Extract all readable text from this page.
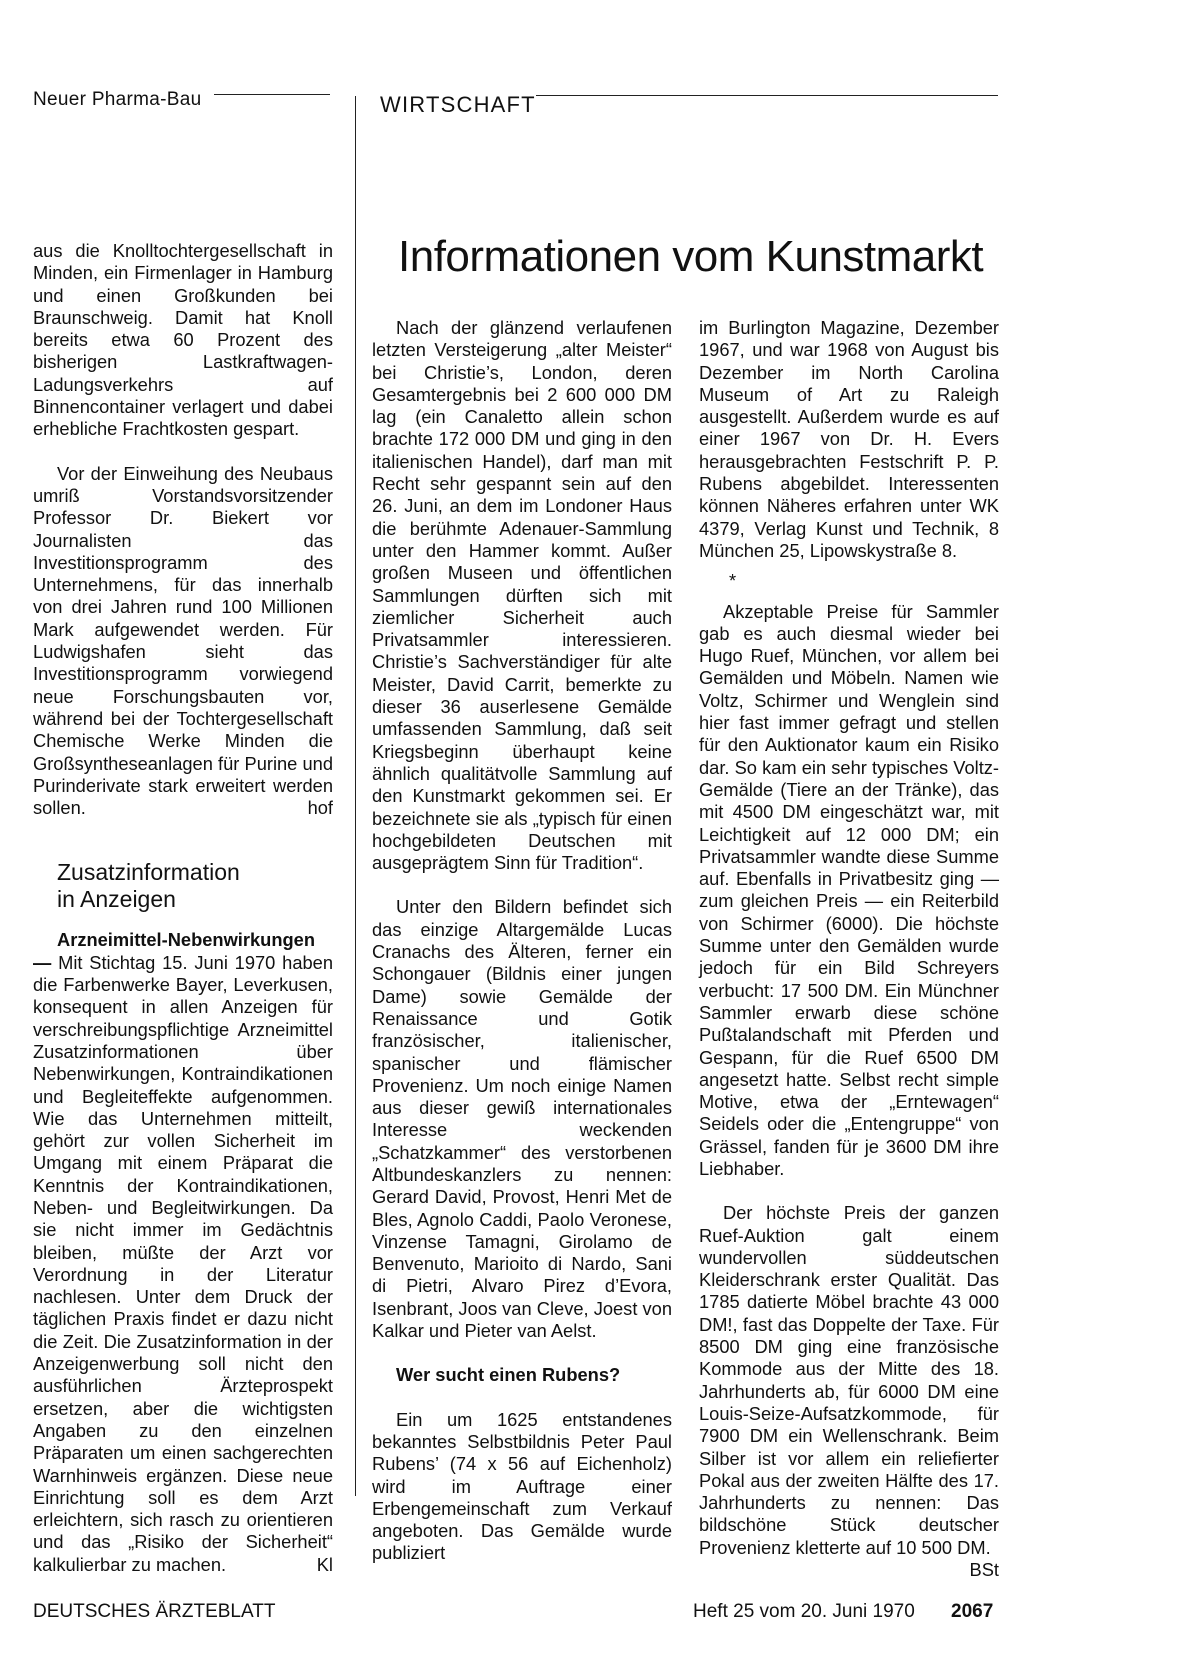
Neuer Pharma-Bau	WIRTSCHAFT
Informationen vom Kunstmarkt

aus die Knolltochtergesellschaft in Minden, ein Firmenlager in Hamburg und einen Großkunden bei Braunschweig. Damit hat Knoll bereits etwa 60 Prozent des bisherigen Lastkraftwagen-Ladungsverkehrs auf Binnencontainer verlagert und dabei erhebliche Frachtkosten gespart.

Vor der Einweihung des Neubaus umriß Vorstandsvorsitzender Professor Dr. Biekert vor Journalisten das Investitionsprogramm des Unternehmens, für das innerhalb von drei Jahren rund 100 Millionen Mark aufgewendet werden. Für Ludwigshafen sieht das Investitionsprogramm vorwiegend neue Forschungsbauten vor, während bei der Tochtergesellschaft Chemische Werke Minden die Großsyntheseanlagen für Purine und Purinderivate stark erweitert werden sollen.	hof

Zusatzinformation
in Anzeigen

Arzneimittel-Nebenwirkungen — Mit Stichtag 15. Juni 1970 haben die Farbenwerke Bayer, Leverkusen, konsequent in allen Anzeigen für verschreibungspflichtige Arzneimittel Zusatzinformationen über Nebenwirkungen, Kontraindikationen und Begleiteffekte aufgenommen. Wie das Unternehmen mitteilt, gehört zur vollen Sicherheit im Umgang mit einem Präparat die Kenntnis der Kontraindikationen, Neben- und Begleitwirkungen. Da sie nicht immer im Gedächtnis bleiben, müßte der Arzt vor Verordnung in der Literatur nachlesen. Unter dem Druck der täglichen Praxis findet er dazu nicht die Zeit. Die Zusatzinformation in der Anzeigenwerbung soll nicht den ausführlichen Ärzteprospekt ersetzen, aber die wichtigsten Angaben zu den einzelnen Präparaten um einen sachgerechten Warnhinweis ergänzen. Diese neue Einrichtung soll es dem Arzt erleichtern, sich rasch zu orientieren und das „Risiko der Sicherheit“ kalkulierbar zu machen.	Kl

Nach der glänzend verlaufenen letzten Versteigerung „alter Meister“ bei Christie’s, London, deren Gesamtergebnis bei 2 600 000 DM lag (ein Canaletto allein schon brachte 172 000 DM und ging in den italienischen Handel), darf man mit Recht sehr gespannt sein auf den 26. Juni, an dem im Londoner Haus die berühmte Adenauer-Sammlung unter den Hammer kommt. Außer großen Museen und öffentlichen Sammlungen dürften sich mit ziemlicher Sicherheit auch Privatsammler interessieren. Christie’s Sachverständiger für alte Meister, David Carrit, bemerkte zu dieser 36 auserlesene Gemälde umfassenden Sammlung, daß seit Kriegsbeginn überhaupt keine ähnlich qualitätvolle Sammlung auf den Kunstmarkt gekommen sei. Er bezeichnete sie als „typisch für einen hochgebildeten Deutschen mit ausgeprägtem Sinn für Tradition“.

Unter den Bildern befindet sich das einzige Altargemälde Lucas Cranachs des Älteren, ferner ein Schongauer (Bildnis einer jungen Dame) sowie Gemälde der Renaissance und Gotik französischer, italienischer, spanischer und flämischer Provenienz. Um noch einige Namen aus dieser gewiß internationales Interesse weckenden „Schatzkammer“ des verstorbenen Altbundeskanzlers zu nennen: Gerard David, Provost, Henri Met de Bles, Agnolo Caddi, Paolo Veronese, Vinzense Tamagni, Girolamo de Benvenuto, Marioito di Nardo, Sani di Pietri, Alvaro Pirez d’Evora, Isenbrant, Joos van Cleve, Joest von Kalkar und Pieter van Aelst.

Wer sucht einen Rubens?

Ein um 1625 entstandenes bekanntes Selbstbildnis Peter Paul Rubens’ (74 x 56 auf Eichenholz) wird im Auftrage einer Erbengemeinschaft zum Verkauf angeboten. Das Gemälde wurde publiziert

im Burlington Magazine, Dezember 1967, und war 1968 von August bis Dezember im North Carolina Museum of Art zu Raleigh ausgestellt. Außerdem wurde es auf einer 1967 von Dr. H. Evers herausgebrachten Festschrift P. P. Rubens abgebildet. Interessenten können Näheres erfahren unter WK 4379, Verlag Kunst und Technik, 8 München 25, Lipowskystraße 8.

*

Akzeptable Preise für Sammler gab es auch diesmal wieder bei Hugo Ruef, München, vor allem bei Gemälden und Möbeln. Namen wie Voltz, Schirmer und Wenglein sind hier fast immer gefragt und stellen für den Auktionator kaum ein Risiko dar. So kam ein sehr typisches Voltz-Gemälde (Tiere an der Tränke), das mit 4500 DM eingeschätzt war, mit Leichtigkeit auf 12 000 DM; ein Privatsammler wandte diese Summe auf. Ebenfalls in Privatbesitz ging — zum gleichen Preis — ein Reiterbild von Schirmer (6000). Die höchste Summe unter den Gemälden wurde jedoch für ein Bild Schreyers verbucht: 17 500 DM. Ein Münchner Sammler erwarb diese schöne Pußtalandschaft mit Pferden und Gespann, für die Ruef 6500 DM angesetzt hatte. Selbst recht simple Motive, etwa der „Erntewagen“ Seidels oder die „Entengruppe“ von Grässel, fanden für je 3600 DM ihre Liebhaber.

Der höchste Preis der ganzen Ruef-Auktion galt einem wundervollen süddeutschen Kleiderschrank erster Qualität. Das 1785 datierte Möbel brachte 43 000 DM!, fast das Doppelte der Taxe. Für 8500 DM ging eine französische Kommode aus der Mitte des 18. Jahrhunderts ab, für 6000 DM eine Louis-Seize-Aufsatzkommode, für 7900 DM ein Wellenschrank. Beim Silber ist vor allem ein reliefierter Pokal aus der zweiten Hälfte des 17. Jahrhunderts zu nennen: Das bildschöne Stück deutscher Provenienz kletterte auf 10 500 DM.
BSt

DEUTSCHES ÄRZTEBLATT	Heft 25 vom 20. Juni 1970 2067
